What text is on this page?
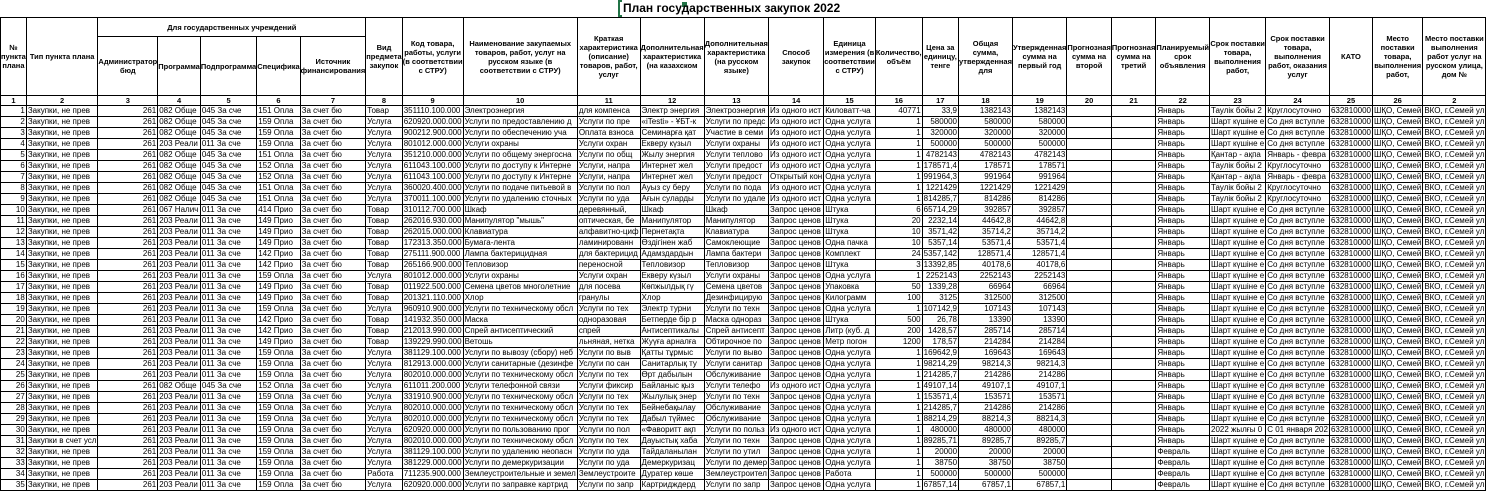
План государственных закупок 2022
№ пункта плана	Тип пункта плана	Для государственных учреждений					Вид предмета закупок	Код товара, работы, услуги (в соответствии с СТРУ)	Наименование закупаемых товаров, работ, услуг на русском языке (в соответствии с СТРУ)	Краткая характеристика (описание) товаров, работ, услуг	Дополнительная характеристика (на казахском	Дополнительная характеристика (на русском языке)	Способ закупок	Единица измерения (в соответствии с СТРУ)	Количество, объём	Цена за единицу, тенге	Общая сумма, утвержденная для	Утвержденная сумма на первый год	Прогнозная сумма на второй	Прогнозная сумма на третий	Планируемый срок объявления	Срок поставки товара, выполнения работ,	Срок поставки товара, выполнения работ, оказания услуг	КАТО	Место поставки товара, выполнения работ,	Место поставки выполнения работ услуг на русском улица, дом №
		Администратор бюд	Программа	Подпрограмма	Специфика	Источник финансирования																				
1	2	3	4	5	6	7	8	9	10	11	12	13	14	15	16	17	18	19	20	21	22	23	24	25	26	2
1	Закупки, не прев	261	082 Обще	045 За сче	151 Опла	За счет бю	Товар	351110.100.000	Электроэнергия	для компенса	Электр энергия	Электроэнергия	Из одного ист	Киловатт-ча	40771	33,9	1382143	1382143			Январь	Таулік бойы 2	Круглосуточно	632810000	ШҚО, Семей	ВКО, г.Семей ул
2	Закупки, не прев	261	082 Обще	045 За сче	159 Опла	За счет бю	Услуга	620920.000.000	Услуги по предоставлению д	Услуги по пре	«iTesti» - ҰБТ-к	Услуги по предс	Из одного ист	Одна услуга	1	580000	580000	580000			Январь	Шарт күшіне е	Со дня вступле	632810000	ШҚО, Семей	ВКО, г.Семей ул
3	Закупки, не прев	261	082 Обще	045 За сче	159 Опла	За счет бю	Услуга	900212.900.000	Услуги по обеспечению уча	Оплата взноса	Семинарға қат	Участие в семи	Из одного ист	Одна услуга	1	320000	320000	320000			Январь	Шарт күшіне е	Со дня вступле	632810000	ШҚО, Семей	ВКО, г.Семей ул
4	Закупки, не прев	261	203 Реали	011 За сче	159 Опла	За счет бю	Услуга	801012.000.000	Услуги охраны	Услуги охран	Екверу күзыл	Услуги охраны	Из одного ист	Одна услуга	1	500000	500000	500000			Январь	Шарт күшіне е	Со дня вступле	632810000	ШҚО, Семей	ВКО, г.Семей ул
5	Закупки, не прев	261	082 Обще	045 За сче	151 Опла	За счет бю	Услуга	351210.000.000	Услуги по общему энергосна	Услуги по общ	Жылу энергия	Услуги теплово	Из одного ист	Одна услуга	1	4782143	4782143	4782143			Январь	Қантар - ақпа	Январь - февра	632810000	ШҚО, Семей	ВКО, г.Семей ул
6	Закупки, не прев	261	082 Обще	045 За сче	152 Опла	За счет бю	Услуга	611043.100.000	Услуги по доступу к Интерне	Услуги, напра	Интернет жел	Услуги предост	Из одного ист	Одна услуга	1	178571,4	178571	178571			Январь	Таулік бойы 2	Круглосуточно	632810000	ШҚО, Семей	ВКО, г.Семей ул
7	Закупки, не прев	261	082 Обще	045 За сче	152 Опла	За счет бю	Услуга	611043.100.000	Услуги по доступу к Интерне	Услуги, напра	Интернет жел	Услуги предост	Открытый кон	Одна услуга	1	991964,3	991964	991964			Январь	Қантар - ақпа	Январь - февра	632810000	ШҚО, Семей	ВКО, г.Семей ул
8	Закупки, не прев	261	082 Обще	045 За сче	151 Опла	За счет бю	Услуга	360020.400.000	Услуги по подаче питьевой в	Услуги по пол	Ауыз су беру	Услуги по пода	Из одного ист	Одна услуга	1	1221429	1221429	1221429			Январь	Таулік бойы 2	Круглосуточно	632810000	ШҚО, Семей	ВКО, г.Семей ул
9	Закупки, не прев	261	082 Обще	045 За сче	151 Опла	За счет бю	Услуга	370011.100.000	Услуги по удалению сточных	Услуги по уда	Ағын суларды	Услуги по удале	Из одного ист	Одна услуга	1	814285,7	814286	814286			Январь	Таулік бойы 2	Круглосуточно	632810000	ШҚО, Семей	ВКО, г.Семей ул
10	Закупки, не прев	261	067 Налич	011 За сче	414 Прио	За счет бю	Товар	310112.700.000	Шкаф	деревянный,	Шкаф	Шкаф	Запрос ценов	Штука	6	65714,29	392857	392857			Январь	Шарт күшіне е	Со дня вступле	632810000	ШҚО, Семей	ВКО, г.Семей ул
11	Закупки, не прев	261	203 Реали	011 За сче	149 Прио	За счет бю	Товар	262016.930.000	Манипулятор "мышь"	оптическая, бе	Манипулятор	Манипулятор	Запрос ценов	Штука	20	2232,14	44642,8	44642,8			Январь	Шарт күшіне е	Со дня вступле	632810000	ШҚО, Семей	ВКО, г.Семей ул
12	Закупки, не прев	261	203 Реали	011 За сче	149 Прио	За счет бю	Товар	262015.000.000	Клавиатура	алфавитно-циф	Пернетақта	Клавиатура	Запрос ценов	Штука	10	3571,42	35714,2	35714,2			Январь	Шарт күшіне е	Со дня вступле	632810000	ШҚО, Семей	ВКО, г.Семей ул
13	Закупки, не прев	261	203 Реали	011 За сче	149 Прио	За счет бю	Товар	172313.350.000	Бумага-лента	ламинированн	Өздігінен жаб	Самоклеющие	Запрос ценов	Одна пачка	10	5357,14	53571,4	53571,4			Январь	Шарт күшіне е	Со дня вступле	632810000	ШҚО, Семей	ВКО, г.Семей ул
14	Закупки, не прев	261	203 Реали	011 За сче	142 Прио	За счет бю	Товар	275111.900.000	Лампа бактерицидная	для бактерицид	Адамздардын	Лампа бактери	Запрос ценов	Комплект	24	5357,142	128571,4	128571,4			Январь	Шарт күшіне е	Со дня вступле	632810000	ШҚО, Семей	ВКО, г.Семей ул
15	Закупки, не прев	261	203 Реали	011 За сче	142 Прио	За счет бю	Товар	265166.900.000	Тепловизор	переносной	Тепловизор	Тепловизор	Запрос ценов	Штука	3	13392,85	40178,6	40178,6			Январь	Шарт күшіне е	Со дня вступле	632810000	ШҚО, Семей	ВКО, г.Семей ул
16	Закупки, не прев	261	203 Реали	011 За сче	159 Опла	За счет бю	Услуга	801012.000.000	Услуги охраны	Услуги охран	Екверу күзыл	Услуги охраны	Запрос ценов	Одна услуга	1	2252143	2252143	2252143			Январь	Шарт күшіне е	Со дня вступле	632810000	ШҚО, Семей	ВКО, г.Семей ул
17	Закупки, не прев	261	203 Реали	011 За сче	149 Прио	За счет бю	Товар	011922.500.000	Семена цветов многолетние	для посева	Көпжылдық гү	Семена цветов	Запрос ценов	Упаковка	50	1339,28	66964	66964			Январь	Шарт күшіне е	Со дня вступле	632810000	ШҚО, Семей	ВКО, г.Семей ул
18	Закупки, не прев	261	203 Реали	011 За сче	149 Прио	За счет бю	Товар	201321.110.000	Хлор	гранулы	Хлор	Дезинфицирую	Запрос ценов	Килограмм	100	3125	312500	312500			Январь	Шарт күшіне е	Со дня вступле	632810000	ШҚО, Семей	ВКО, г.Семей ул
19	Закупки, не прев	261	203 Реали	011 За сче	159 Опла	За счет бю	Услуга	960910.900.000	Услуги по техническому обсл	Услуги по тех	Электр турни	Услуги по техн	Запрос ценов	Одна услуга	1	107142,9	107143	107143			Январь	Шарт күшіне е	Со дня вступле	632810000	ШҚО, Семей	ВКО, г.Семей ул
20	Закупки, не прев	261	203 Реали	011 За сче	142 Прио	За счет бю	Товар	141932.350.000	Маска	одноразовая	Бетперде бір р	Маска однораз	Запрос ценов	Штука	500	26,78	13390	13390			Январь	Шарт күшіне е	Со дня вступле	632810000	ШҚО, Семей	ВКО, г.Семей ул
21	Закупки, не прев	261	203 Реали	011 За сче	142 Прио	За счет бю	Товар	212013.990.000	Спрей антисептический	спрей	Антисептикалы	Спрей антисепт	Запрос ценов	Литр (куб. д	200	1428,57	285714	285714			Январь	Шарт күшіне е	Со дня вступле	632810000	ШҚО, Семей	ВКО, г.Семей ул
22	Закупки, не прев	261	203 Реали	011 За сче	149 Прио	За счет бю	Товар	139229.990.000	Ветошь	льняная, нетка	Жуүға арналға	Обтирочное по	Запрос ценов	Метр погон	1200	178,57	214284	214284			Январь	Шарт күшіне е	Со дня вступле	632810000	ШҚО, Семей	ВКО, г.Семей ул
23	Закупки, не прев	261	203 Реали	011 За сче	159 Опла	За счет бю	Услуга	381129.100.000	Услуги по вывозу (сбору) неб	Услуги по выв	Қатты тұрмыс	Услуги по выво	Запрос ценов	Одна услуга	1	169642,9	169643	169643			Январь	Шарт күшіне е	Со дня вступле	632810000	ШҚО, Семей	ВКО, г.Семей ул
24	Закупки, не прев	261	203 Реали	011 За сче	159 Опла	За счет бю	Услуга	812913.000.000	Услуги санитарные (дезинфе	Услуги по сан	Санитарлық ту	Услуги санитар	Запрос ценов	Одна услуга	1	98214,29	98214,3	98214,3			Январь	Шарт күшіне е	Со дня вступле	632810000	ШҚО, Семей	ВКО, г.Семей ул
25	Закупки, не прев	261	203 Реали	011 За сче	159 Опла	За счет бю	Услуга	802010.000.000	Услуги по техническому обсл	Услуги по тех	Өрт дабылын	Обслуживание	Запрос ценов	Одна услуга	1	214285,7	214286	214286			Январь	Шарт күшіне е	Со дня вступле	632810000	ШҚО, Семей	ВКО, г.Семей ул
26	Закупки, не прев	261	082 Обще	045 За сче	152 Опла	За счет бю	Услуга	611011.200.000	Услуги телефонной связи	Услуги фиксир	Байланыс қыз	Услуги телефо	Из одного ист	Одна услуга	1	49107,14	49107,1	49107,1			Январь	Шарт күшіне е	Со дня вступле	632810000	ШҚО, Семей	ВКО, г.Семей ул
27	Закупки, не прев	261	203 Реали	011 За сче	159 Опла	За счет бю	Услуга	331910.900.000	Услуги по техническому обсл	Услуги по тех	Жылулық энер	Услуги по техн	Запрос ценов	Одна услуга	1	153571,4	153571	153571			Январь	Шарт күшіне е	Со дня вступле	632810000	ШҚО, Семей	ВКО, г.Семей ул
28	Закупки, не прев	261	203 Реали	011 За сче	159 Опла	За счет бю	Услуга	802010.000.000	Услуги по техническому обсл	Услуги по тех	Бейнебақылау	Обслуживание	Запрос ценов	Одна услуга	1	214285,7	214286	214286			Январь	Шарт күшіне е	Со дня вступле	632810000	ШҚО, Семей	ВКО, г.Семей ул
29	Закупки, не прев	261	203 Реали	011 За сче	159 Опла	За счет бю	Услуга	802010.000.000	Услуги по техническому обсл	Услуги по тех	Дабыл түймес	Обслуживание	Запрос ценов	Одна услуга	1	88214,29	88214,3	88214,3			Январь	Шарт күшіне е	Со дня вступле	632810000	ШҚО, Семей	ВКО, г.Семей ул
30	Закупки, не прев	261	203 Реали	011 За сче	159 Опла	За счет бю	Услуга	620920.000.000	Услуги по пользованию прог	Услуги по пол	«Фаворитт ақп	Услуги по польз	Из одного ист	Одна услуга	1	480000	480000	480000			Январь	2022 жылғы 0	С 01 января 202	632810000	ШҚО, Семей	ВКО, г.Семей ул
31	Закупки в счет усл	261	203 Реали	011 За сче	159 Опла	За счет бю	Услуга	802010.000.000	Услуги по техническому обсл	Услуги по тех	Дауыстық хаба	Услуги по техн	Запрос ценов	Одна услуга	1	89285,71	89285,7	89285,7			Январь	Шарт күшіне е	Со дня вступле	632810000	ШҚО, Семей	ВКО, г.Семей ул
32	Закупки, не прев	261	203 Реали	011 За сче	159 Опла	За счет бю	Услуга	381129.100.000	Услуги по удалению неопасн	Услуги по уда	Тайдаланылан	Услуги по утил	Запрос ценов	Одна услуга	1	20000	20000	20000			Февраль	Шарт күшіне е	Со дня вступле	632810000	ШҚО, Семей	ВКО, г.Семей ул
33	Закупки, не прев	261	203 Реали	011 За сче	159 Опла	За счет бю	Услуга	381229.000.000	Услуги по демеркуризации	Услуги по уда	Демеркуризац	Услуги по демер	Запрос ценов	Одна услуга	1	38750	38750	38750			Февраль	Шарт күшіне е	Со дня вступле	632810000	ШҚО, Семей	ВКО, г.Семей ул
34	Закупки, не прев	261	203 Реали	011 За сче	159 Опла	За счет бю	Работа	711235.900.000	Землеустроительные и земел	Землеустроите	Дуратер көше	Землеустроител	Запрос ценов	Работа	1	500000	500000	500000			Февраль	Шарт күшіне е	Со дня вступле	632810000	ШҚО, Семей	ВКО, г.Семей ул
35	Закупки, не прев	261	203 Реали	011 За сче	159 Опла	За счет бю	Услуга	620920.000.000	Услуги по заправке картрид	Услуги по запр	Картридждерд	Услуги по запр	Запрос ценов	Одна услуга	1	67857,14	67857,1	67857,1			Февраль	Шарт күшіне е	Со дня вступле	632810000	ШҚО, Семей	ВКО, г.Семей ул
